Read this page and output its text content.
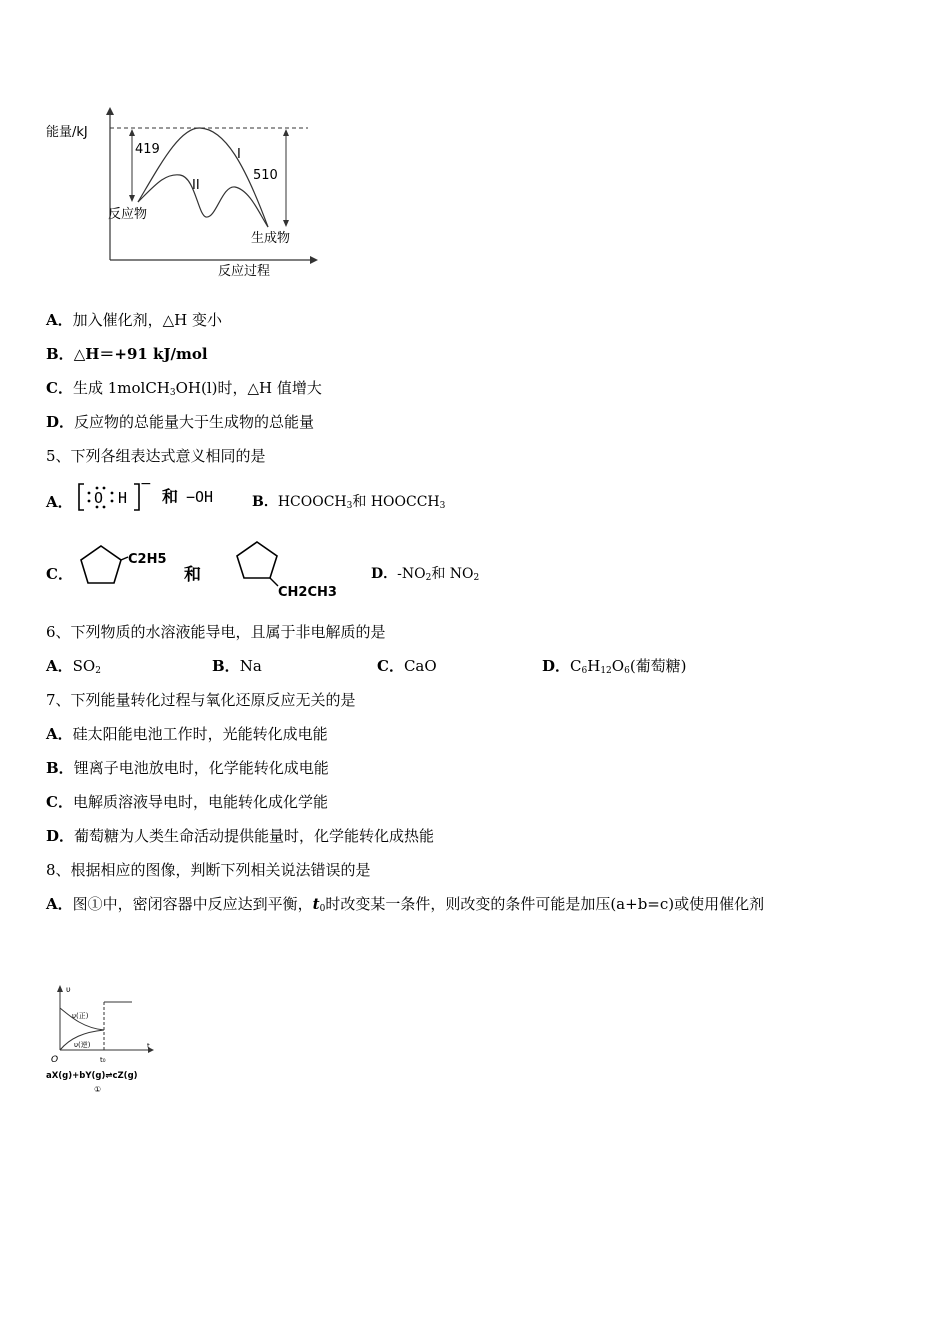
能量/kJ
419	I
II
510
反应物
生成物
反应过程
A．加入催化剂，△H 变小
B．△H＝+91 kJ/mol
C．生成 1molCH$_3$OH(l)时，△H 值增大
D．反应物的总能量大于生成物的总能量
5、下列各组表达式意义相同的是
A． O H
−
和 −OH	B．$HCOOCH_3$和 $HOOCCH_3$
C．
C2H5
和
CH2CH3
D．$-NO_2$和 $NO_2$
6、下列物质的水溶液能导电，且属于非电解质的是
A．$SO_2$	B．Na	C．CaO	D．$C_6H_{12}O_6$(葡萄糖)
7、下列能量转化过程与氧化还原反应无关的是
A．硅太阳能电池工作时，光能转化成电能
B．锂离子电池放电时，化学能转化成电能
C．电解质溶液导电时，电能转化成化学能
D．葡萄糖为人类生命活动提供能量时，化学能转化成热能
8、根据相应的图像，判断下列相关说法错误的是
A．图①中，密闭容器中反应达到平衡，$t_0$时改变某一条件，则改变的条件可能是加压(a+b=c)或使用催化剂
υ
υ(正)
υ(逆)
O	t₀
t
aX(g)+bY(g)⇌cZ(g)
①
